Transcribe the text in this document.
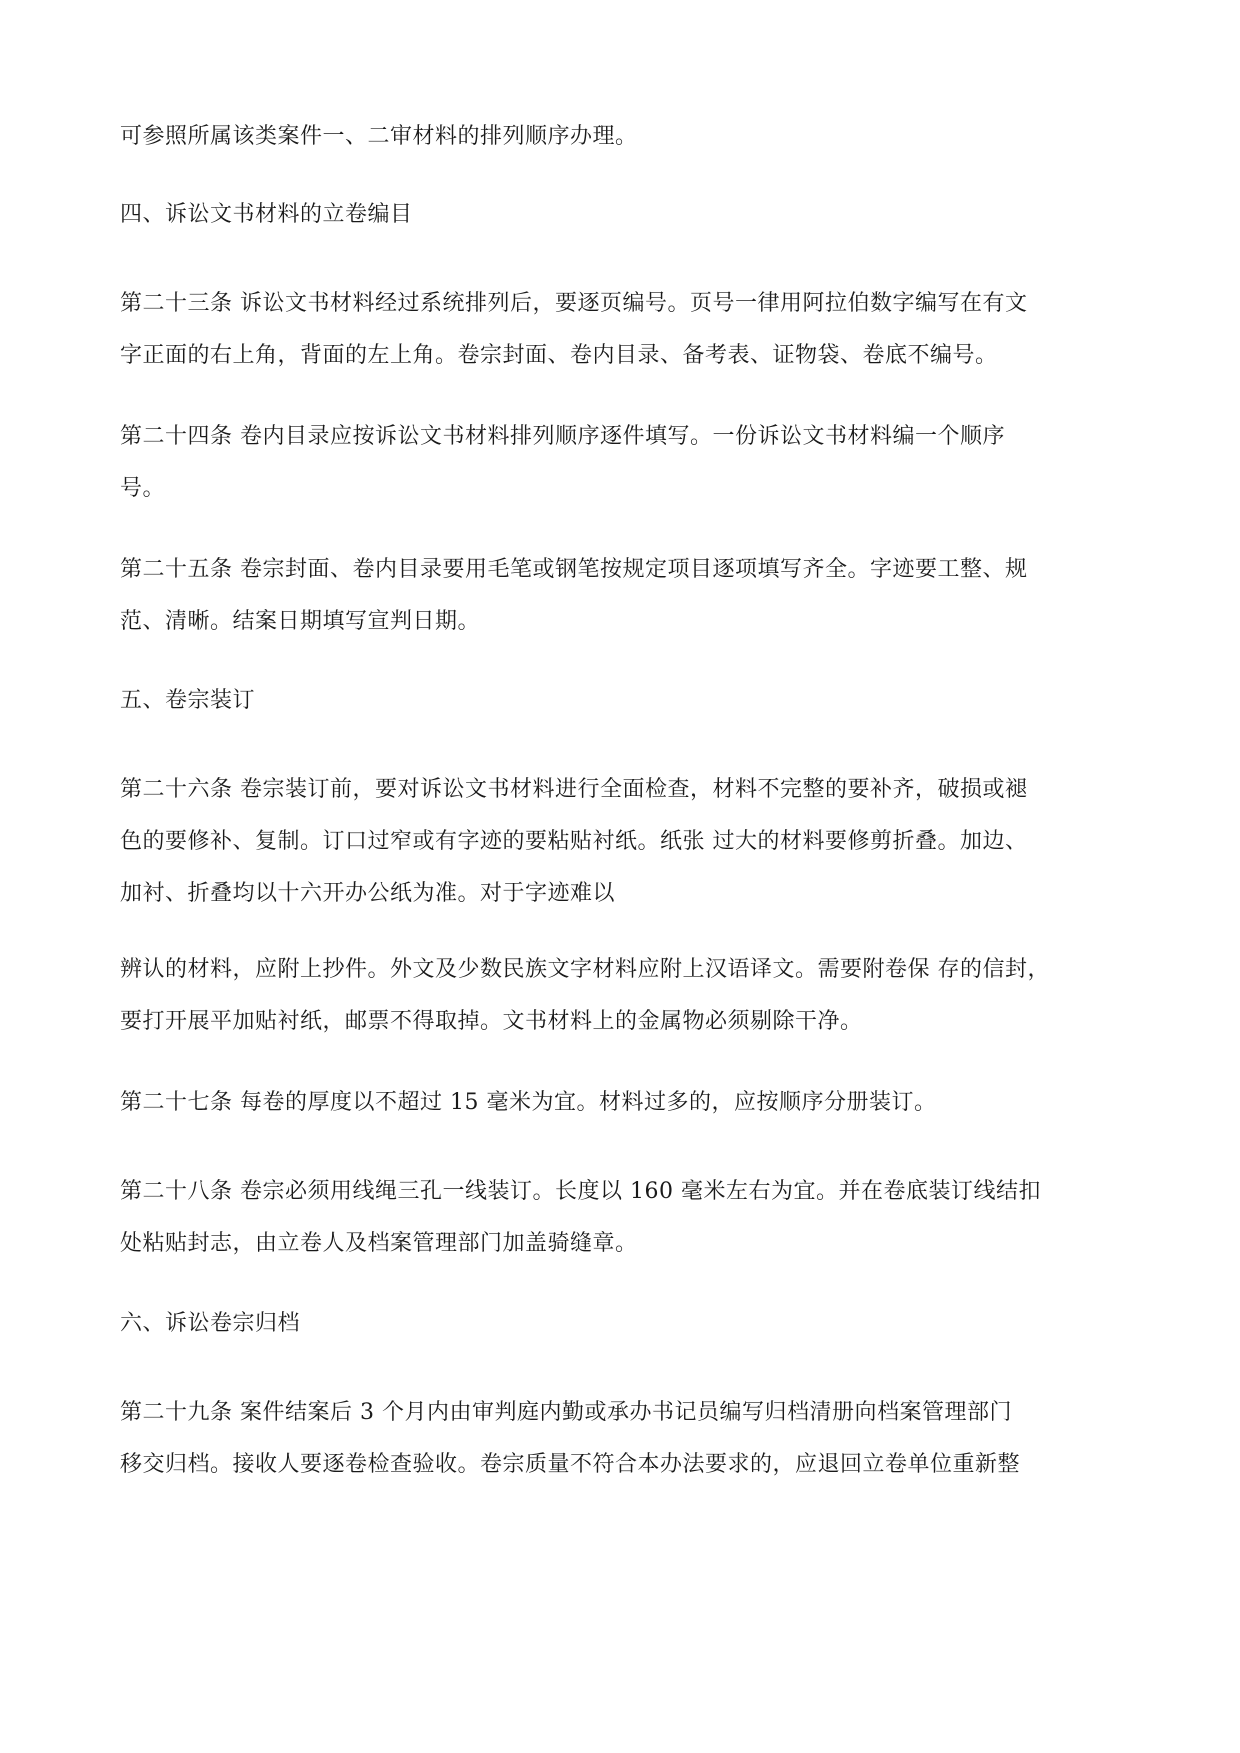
可参照所属该类案件一、二审材料的排列顺序办理。

四、诉讼文书材料的立卷编目

第二十三条 诉讼文书材料经过系统排列后，要逐页编号。页号一律用阿拉伯数字编写在有文
字正面的右上角，背面的左上角。卷宗封面、卷内目录、备考表、证物袋、卷底不编号。

第二十四条 卷内目录应按诉讼文书材料排列顺序逐件填写。一份诉讼文书材料编一个顺序
号。

第二十五条 卷宗封面、卷内目录要用毛笔或钢笔按规定项目逐项填写齐全。字迹要工整、规
范、清晰。结案日期填写宣判日期。

五、卷宗装订

第二十六条 卷宗装订前，要对诉讼文书材料进行全面检查，材料不完整的要补齐，破损或褪
色的要修补、复制。订口过窄或有字迹的要粘贴衬纸。纸张 过大的材料要修剪折叠。加边、
加衬、折叠均以十六开办公纸为准。对于字迹难以

辨认的材料，应附上抄件。外文及少数民族文字材料应附上汉语译文。需要附卷保 存的信封，
要打开展平加贴衬纸，邮票不得取掉。文书材料上的金属物必须剔除干净。

第二十七条 每卷的厚度以不超过 15 毫米为宜。材料过多的，应按顺序分册装订。

第二十八条 卷宗必须用线绳三孔一线装订。长度以 160 毫米左右为宜。并在卷底装订线结扣
处粘贴封志，由立卷人及档案管理部门加盖骑缝章。

六、诉讼卷宗归档

第二十九条 案件结案后 3 个月内由审判庭内勤或承办书记员编写归档清册向档案管理部门
移交归档。接收人要逐卷检查验收。卷宗质量不符合本办法要求的，应退回立卷单位重新整
